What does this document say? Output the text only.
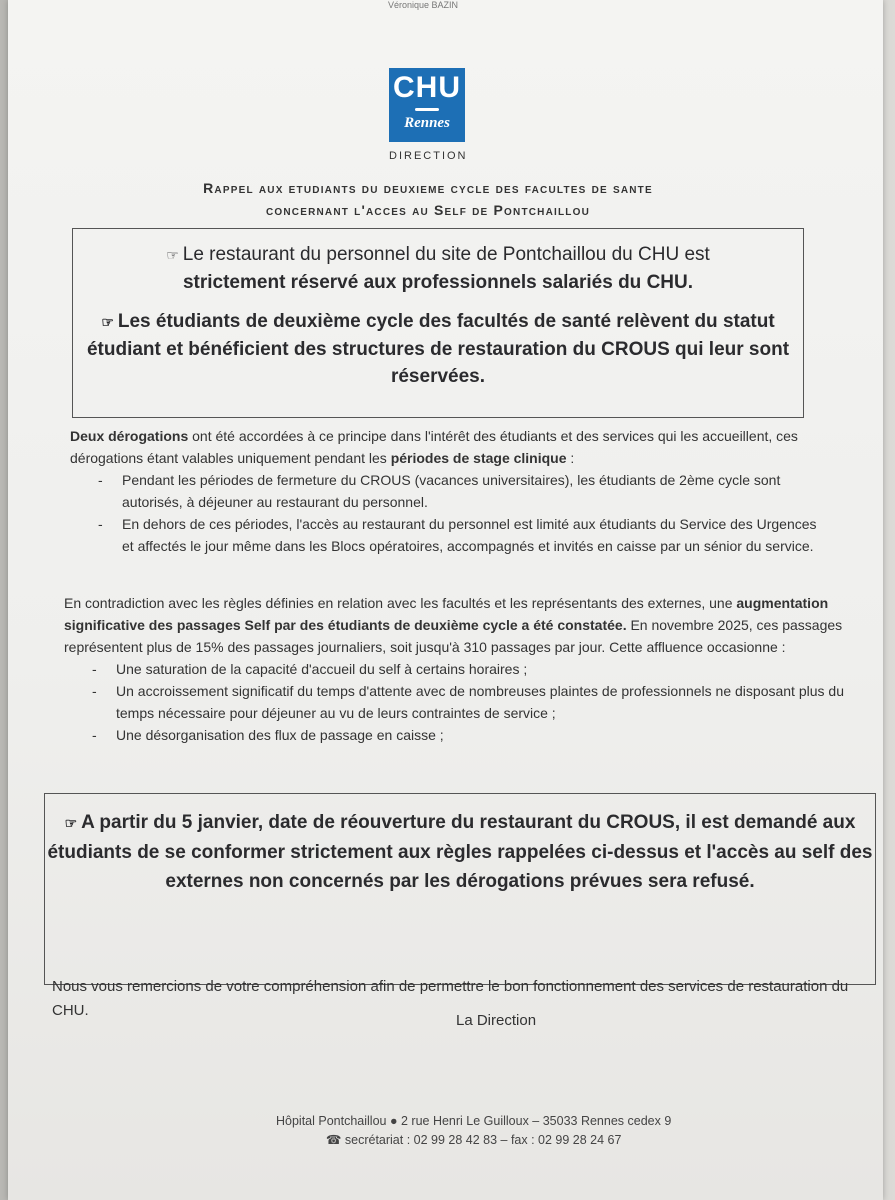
Véronique BAZIN
CHU
Rennes
DIRECTION
Rappel aux etudiants du deuxieme cycle des facultes de sante
concernant l'acces au Self de Pontchaillou

☞ Le restaurant du personnel du site de Pontchaillou du CHU est
strictement réservé aux professionnels salariés du CHU.

☞ Les étudiants de deuxième cycle des facultés de santé relèvent du statut étudiant et bénéficient des structures de restauration du CROUS qui leur sont réservées.

Deux dérogations ont été accordées à ce principe dans l'intérêt des étudiants et des services qui les accueillent, ces dérogations étant valables uniquement pendant les périodes de stage clinique :
- Pendant les périodes de fermeture du CROUS (vacances universitaires), les étudiants de 2ème cycle sont autorisés, à déjeuner au restaurant du personnel.
- En dehors de ces périodes, l'accès au restaurant du personnel est limité aux étudiants du Service des Urgences et affectés le jour même dans les Blocs opératoires, accompagnés et invités en caisse par un sénior du service.
En contradiction avec les règles définies en relation avec les facultés et les représentants des externes, une augmentation significative des passages Self par des étudiants de deuxième cycle a été constatée. En novembre 2025, ces passages représentent plus de 15% des passages journaliers, soit jusqu'à 310 passages par jour. Cette affluence occasionne :
- Une saturation de la capacité d'accueil du self à certains horaires ;
- Un accroissement significatif du temps d'attente avec de nombreuses plaintes de professionnels ne disposant plus du temps nécessaire pour déjeuner au vu de leurs contraintes de service ;
- Une désorganisation des flux de passage en caisse ;

☞ A partir du 5 janvier, date de réouverture du restaurant du CROUS, il est demandé aux étudiants de se conformer strictement aux règles rappelées ci-dessus et l'accès au self des externes non concernés par les dérogations prévues sera refusé.

Nous vous remercions de votre compréhension afin de permettre le bon fonctionnement des services de restauration du CHU.
La Direction
Hôpital Pontchaillou ● 2 rue Henri Le Guilloux – 35033 Rennes cedex 9
☎ secrétariat : 02 99 28 42 83 – fax : 02 99 28 24 67
